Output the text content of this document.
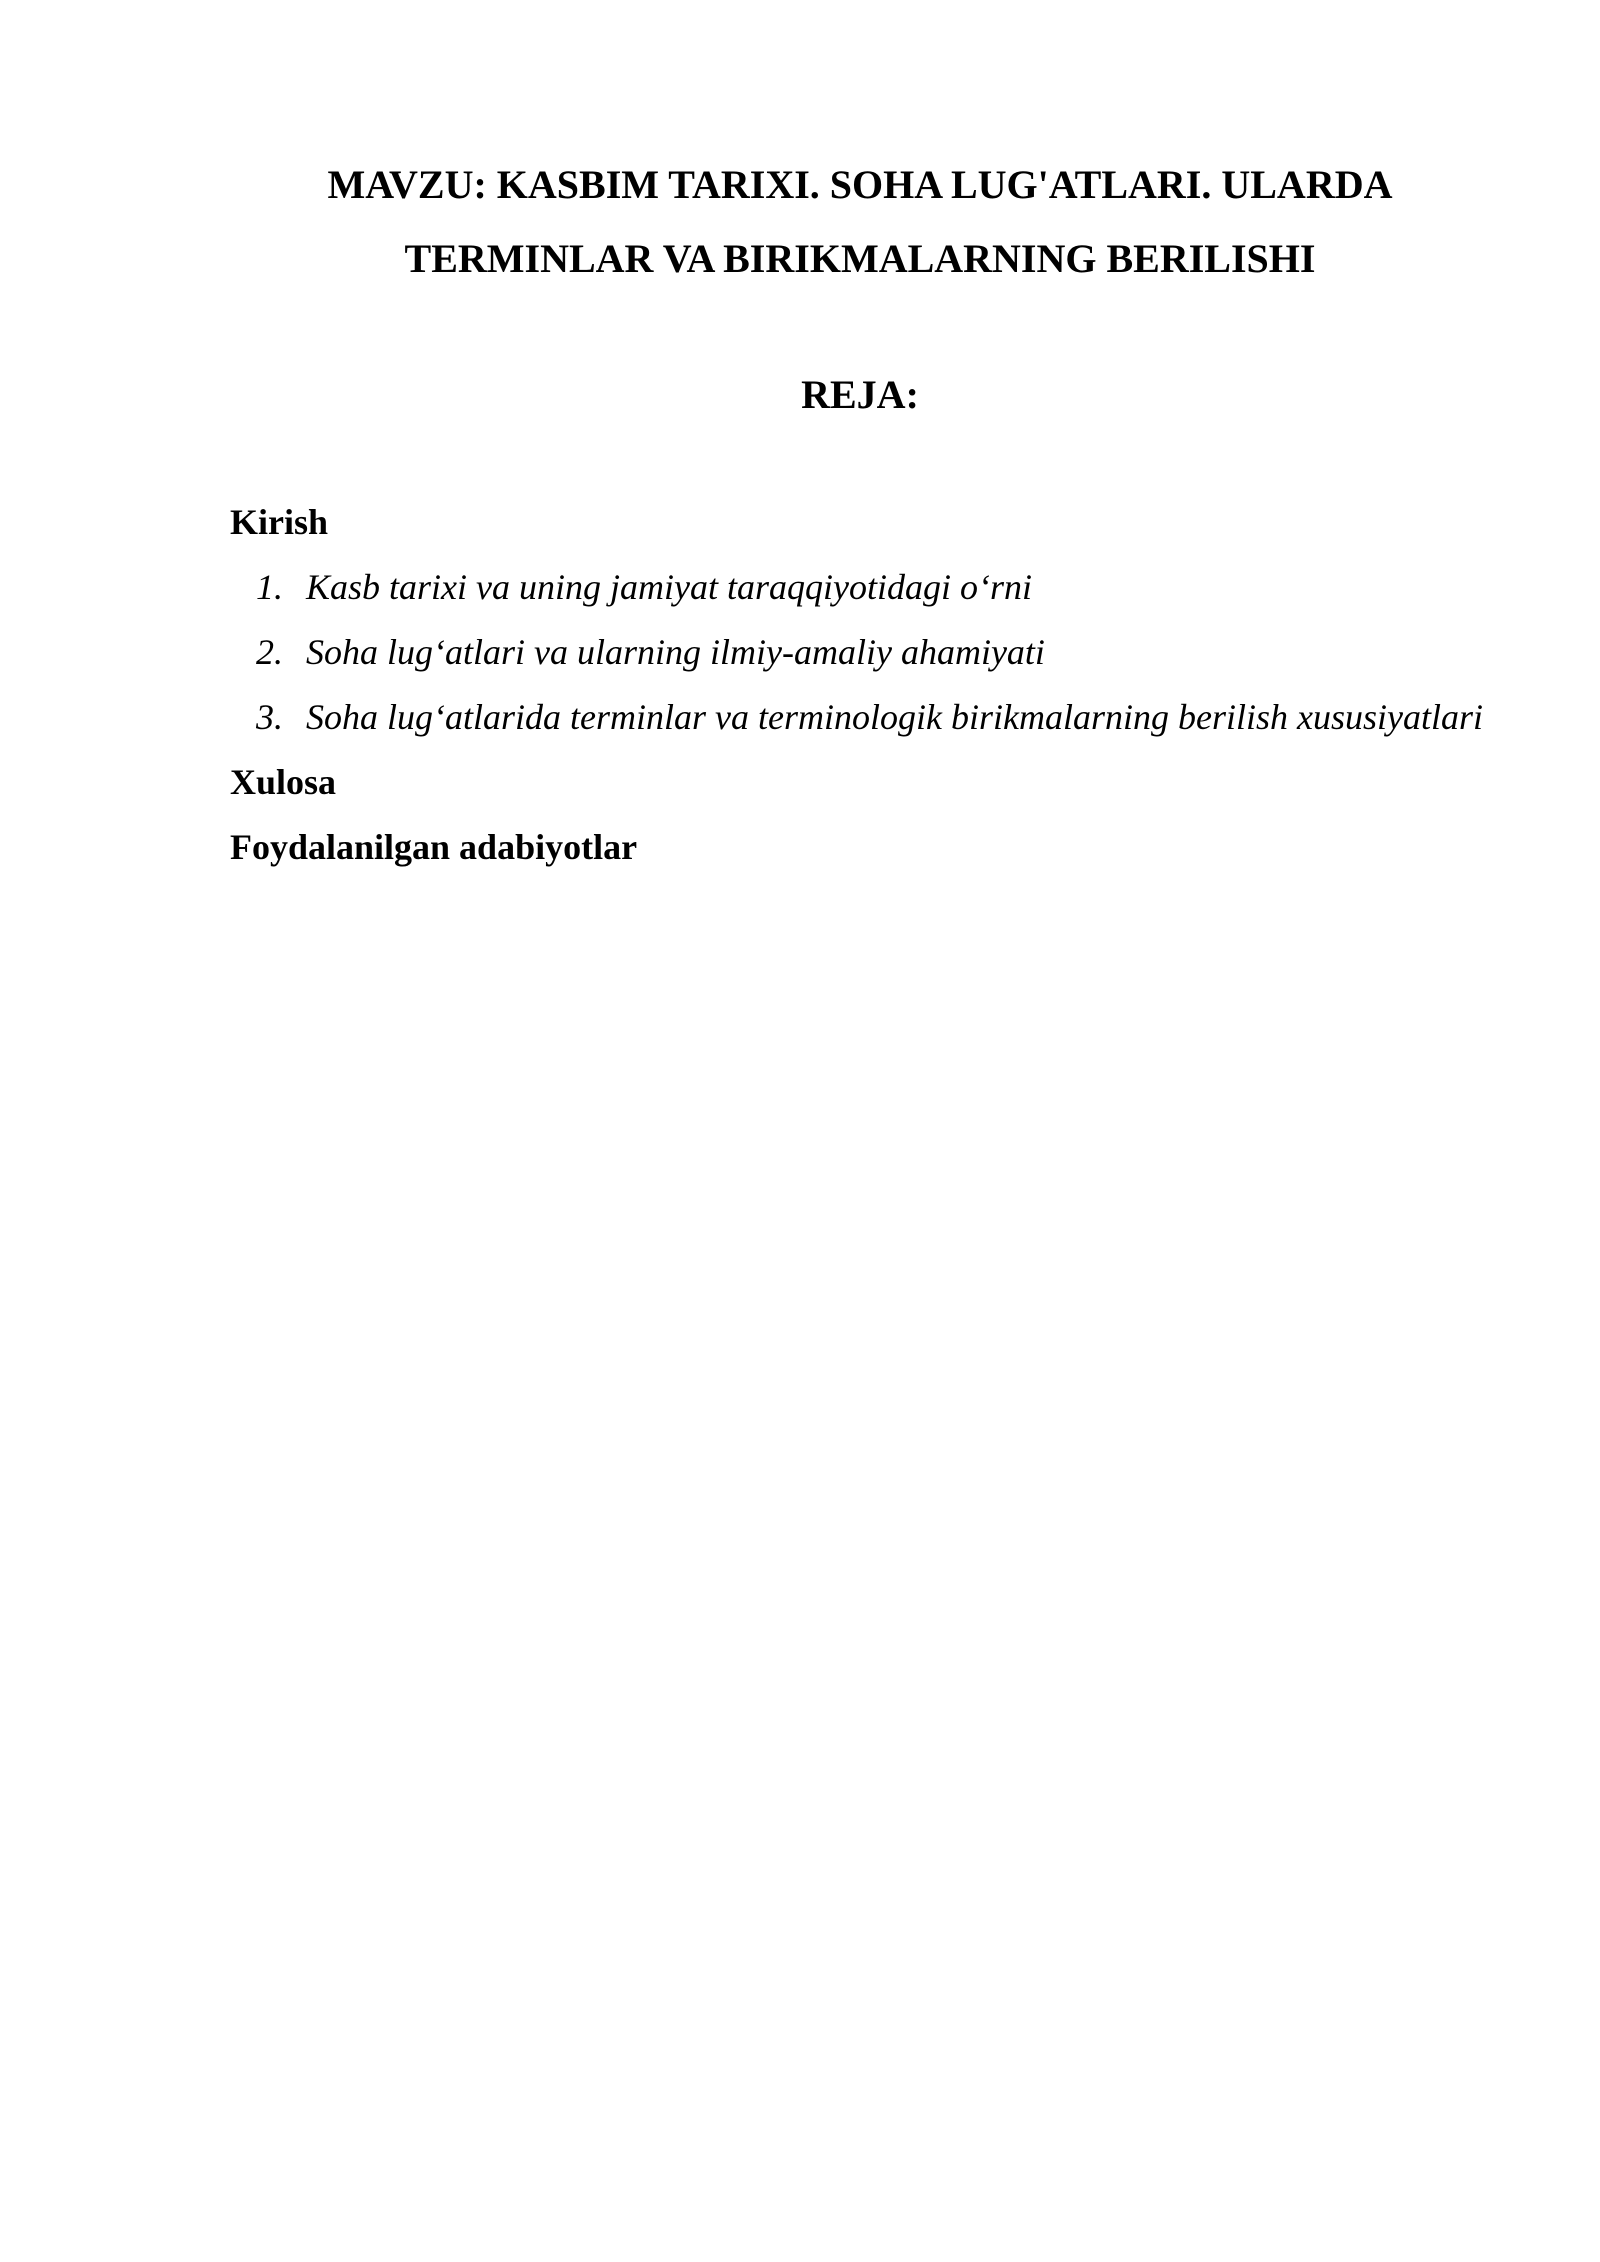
MAVZU: KASBIM TARIXI. SOHA LUG'ATLARI. ULARDA
TERMINLAR VA BIRIKMALARNING BERILISHI
REJA:

Kirish

1. Kasb tarixi va uning jamiyat taraqqiyotidagi o‘rni
2. Soha lug‘atlari va ularning ilmiy-amaliy ahamiyati
3. Soha lug‘atlarida terminlar va terminologik birikmalarning berilish xususiyatlari

Xulosa

Foydalanilgan adabiyotlar
